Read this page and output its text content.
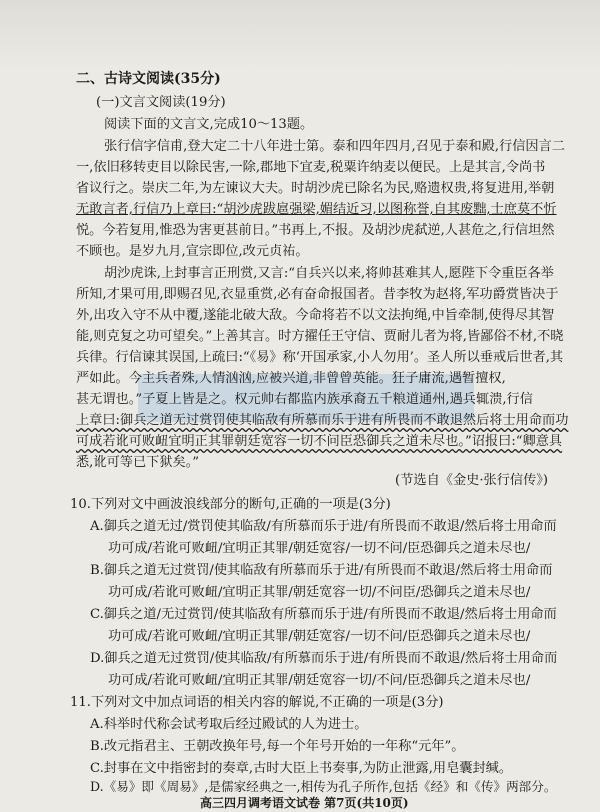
二、古诗文阅读(35分)
(一)文言文阅读(19分)
阅读下面的文言文,完成10～13题。
张行信字信甫,登大定二十八年进士第。泰和四年四月,召见于泰和殿,行信因言二
一,依旧移转吏目以除民害,一除,郡地下宜麦,税粟许纳麦以便民。上是其言,令尚书
省议行之。崇庆二年,为左谏议大夫。时胡沙虎已除名为民,赂遗权贵,将复进用,举朝
无敢言者,行信乃上章曰:“胡沙虎跋扈强梁,媚结近习,以图称誉,自其废黜,士庶莫不忻
悦。今若复用,惟恐为害更甚前日。”书再上,不报。及胡沙虎弑逆,人甚危之,行信坦然
不顾也。是岁九月,宣宗即位,改元贞祐。
胡沙虎诛,上封事言正刑赏,又言:“自兵兴以来,将帅甚难其人,愿陛下令重臣各举
所知,才果可用,即赐召见,衣显重赏,必有奋命报国者。昔李牧为赵将,军功爵赏皆决于
外,出攻入守不从中覆,遂能北破大敌。今命将若不以文法拘绳,中旨牵制,使得尽其智
能,则克复之功可望矣。”上善其言。时方擢任王守信、贾耐儿者为将,皆鄙俗不材,不晓
兵律。行信谏其误国,上疏曰:“《易》称‘开国承家,小人勿用’。圣人所以垂戒后世者,其
严如此。今主兵者殊,人情汹汹,应被兴道,非曾曾英能。狂子庸流,遇暂擅权,
甚无谓也。”子夏上皆是之。权元帅右都监内族承裔五千粮道通州,遇兵辄溃,行信
上章曰:御兵之道无过赏罚使其临敌有所慕而乐于进有所畏而不敢退然后将士用命而功
可成若讹可败衄宜明正其罪朝廷宽容一切不问臣恐御兵之道未尽也。”诏报曰:“卿意具
悉,讹可等已下狱矣。”
(节选自《金史·张行信传》)
10.下列对文中画波浪线部分的断句,正确的一项是(3分)
A.御兵之道无过/赏罚使其临敌/有所慕而乐于进/有所畏而不敢退/然后将士用命而
功可成/若讹可败衄/宜明正其罪/朝廷宽容/一切不问/臣恐御兵之道未尽也/
B.御兵之道无过赏罚/使其临敌有所慕而乐于进/有所畏而不敢退/然后将士用命而
功可成/若讹可败衄/宜明正其罪/朝廷宽容一切/不问臣/恐御兵之道未尽也/
C.御兵之道/无过赏罚/使其临敌有所慕而乐于进/有所畏而不敢退/然后将士用命而
功可成/若讹可败衄/宜明正其罪/朝廷宽容/一切不问/臣恐御兵之道未尽也/
D.御兵之道无过赏罚/使其临敌/有所慕而乐于进/有所畏而不敢退/然后将士用命而
功可成/若讹可败衄/宜明正其罪/朝廷宽容一切/不问/臣恐御兵之道未尽也/
11.下列对文中加点词语的相关内容的解说,不正确的一项是(3分)
A.科举时代称会试考取后经过殿试的人为进士。
B.改元指君主、王朝改换年号,每一个年号开始的一年称“元年”。
C.封事在文中指密封的奏章,古时大臣上书奏事,为防止泄露,用皂囊封缄。
D.《易》即《周易》,是儒家经典之一,相传为孔子所作,包括《经》和《传》两部分。
高三四月调考语文试卷 第7页(共10页)
